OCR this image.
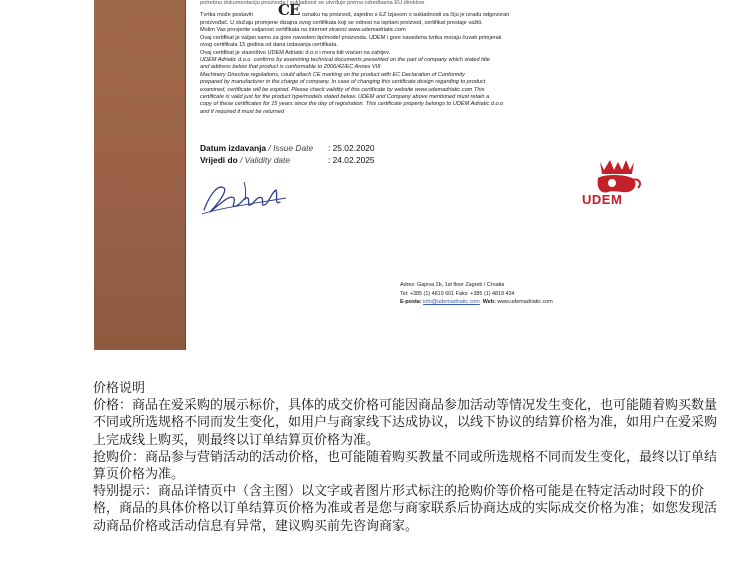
potrebnu dokumentaciju proizvoda i sukladnost se utvrđuje prema odredbama EU direktive

Tvrtka može postaviti	oznaku na proizvod, zajedno s EZ Izjavom o sukladnosti za čiju je izradu odgovoran
CE

proizvođač. U slučaju promjene dizajna ovog certifikata koji se odnosi na ispitani proizvod, certifikat prestaje važiti.

Molim Vas provjerite valjanost certifikata na internet stranici www.udemadriatic.com

Ovaj certifikat je valjan samo za gore navedeni tip/model proizvoda. UDEM i gore navedena tvrtka moraju čuvati primjerak

ovog certifikata 15 godina od dana izdavanja certifikata.

Ovaj certifikat je vlasništvo UDEM Adriatic d.o.o i mora biti vraćen na zahtjev.

UDEM Adriatic d.o.o. confirms by examining technical documents presented on the part of company which stated title

and address below that product is conformable to 2006/42/EC Annex VIII

Machinery Directive regulations, could attach CE marking on the product with EC Declaration of Conformity

prepared by manufacturer in the charge of company. In case of changing this certificate design regarding to product

examined, certificate will be expired. Please check validity of this certificate by website www.udemadriatic.com This

certificate is valid just for the product type/models stated below. UDEM and Company above mentioned must retain a

copy of these certificates for 15 years since the day of registration. This certificate property belongs to UDEM Adriatic d.o.o

and if required it must be returned

Datum izdavanja / Issue Date	: 25.02.2020
Vrijedi do / Validity date	: 24.02.2025
UDEM

Adres: Gajeva 2b, 1st floor Zagreb / Croatia

Tel: +385 (1) 4819 601 Faks: +385 (1) 4819 434

E-posta: info@udemadriatic.com Web: www.udemadriatic.com

价格说明

价格：商品在爱采购的展示标价，具体的成交价格可能因商品参加活动等情况发生变化，也可能随着购买数量不同或所选规格不同而发生变化，如用户与商家线下达成协议，以线下协议的结算价格为准，如用户在爱采购上完成线上购买，则最终以订单结算页价格为准。

抢购价：商品参与营销活动的活动价格，也可能随着购买教量不同或所选规格不同而发生变化，最终以订单结算页价格为准。

特别提示：商品详情页中（含主图）以文字或者图片形式标注的抢购价等价格可能是在特定活动时段下的价格，商品的具体价格以订单结算页价格为准或者是您与商家联系后协商达成的实际成交价格为准；如您发现活动商品价格或活动信息有异常，建议购买前先咨询商家。
